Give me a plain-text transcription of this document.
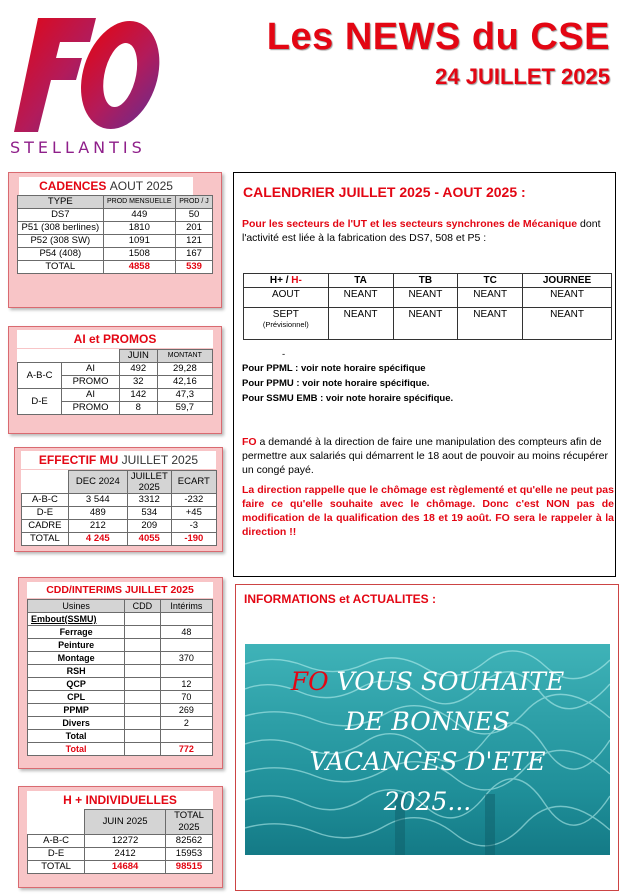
STELLANTIS
Les NEWS du CSE
24 JUILLET 2025
CADENCES AOUT 2025
TYPE	PROD MENSUELLE	PROD / J
DS7	449	50
P51 (308 berlines)	1810	201
P52 (308 SW)	1091	121
P54 (408)	1508	167
TOTAL	4858	539
AI et PROMOS
		JUIN	MONTANT
A-B-C	AI	492	29,28
	PROMO	32	42,16
D-E	AI	142	47,3
	PROMO	8	59,7
EFFECTIF MU JUILLET 2025
	DEC 2024	JUILLET 2025	ECART
A-B-C	3 544	3312	-232
D-E	489	534	+45
CADRE	212	209	-3
TOTAL	4 245	4055	-190
CDD/INTERIMS JUILLET 2025
Usines	CDD	Intérims
Embout(SSMU)		
Ferrage		48
Peinture		
Montage		370
RSH		
QCP		12
CPL		70
PPMP		269
Divers		2
Total		
Total		772
H + INDIVIDUELLES
	JUIN 2025	TOTAL 2025
A-B-C	12272	82562
D-E	2412	15953
TOTAL	14684	98515
CALENDRIER JUILLET 2025 - AOUT 2025 :
Pour les secteurs de l'UT et les secteurs synchrones de Mécanique dont l'activité est liée à la fabrication des DS7, 508 et P5 :
H+ / H-	TA	TB	TC	JOURNEE
AOUT	NEANT	NEANT	NEANT	NEANT

SEPT
(Prévisionnel)	NEANT	NEANT	NEANT	NEANT
-
Pour PPML : voir note horaire spécifique
Pour PPMU : voir note horaire spécifique.
Pour SSMU EMB : voir note horaire spécifique.
FO a demandé à la direction de faire une manipulation des compteurs afin de permettre aux salariés qui démarrent le 18 aout de pouvoir au moins récupérer un congé payé.
La direction rappelle que le chômage est règlementé et qu'elle ne peut pas faire ce qu'elle souhaite avec le chômage. Donc c'est NON pas de modification de la qualification des 18 et 19 août. FO sera le rappeler à la direction !!
INFORMATIONS et ACTUALITES :
FO VOUS SOUHAITE
DE BONNES
VACANCES D'ETE
2025...
